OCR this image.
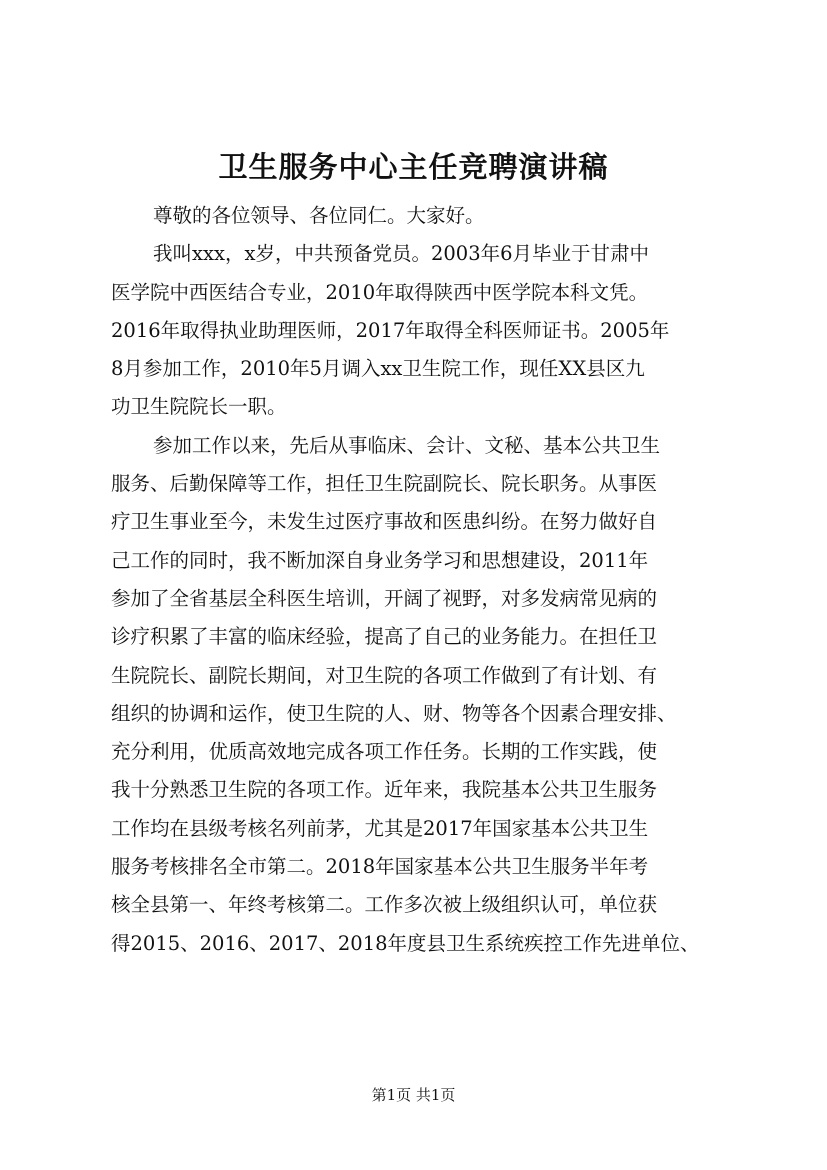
卫生服务中心主任竞聘演讲稿
尊敬的各位领导、各位同仁。大家好。
我叫xxx，x岁，中共预备党员。2003年6月毕业于甘肃中
医学院中西医结合专业，2010年取得陕西中医学院本科文凭。
2016年取得执业助理医师，2017年取得全科医师证书。2005年
8月参加工作，2010年5月调入xx卫生院工作，现任XX县区九
功卫生院院长一职。
参加工作以来，先后从事临床、会计、文秘、基本公共卫生
服务、后勤保障等工作，担任卫生院副院长、院长职务。从事医
疗卫生事业至今，未发生过医疗事故和医患纠纷。在努力做好自
己工作的同时，我不断加深自身业务学习和思想建设，2011年
参加了全省基层全科医生培训，开阔了视野，对多发病常见病的
诊疗积累了丰富的临床经验，提高了自己的业务能力。在担任卫
生院院长、副院长期间，对卫生院的各项工作做到了有计划、有
组织的协调和运作，使卫生院的人、财、物等各个因素合理安排、
充分利用，优质高效地完成各项工作任务。长期的工作实践，使
我十分熟悉卫生院的各项工作。近年来，我院基本公共卫生服务
工作均在县级考核名列前茅，尤其是2017年国家基本公共卫生
服务考核排名全市第二。2018年国家基本公共卫生服务半年考
核全县第一、年终考核第二。工作多次被上级组织认可，单位获
得2015、2016、2017、2018年度县卫生系统疾控工作先进单位、
第1页 共1页
